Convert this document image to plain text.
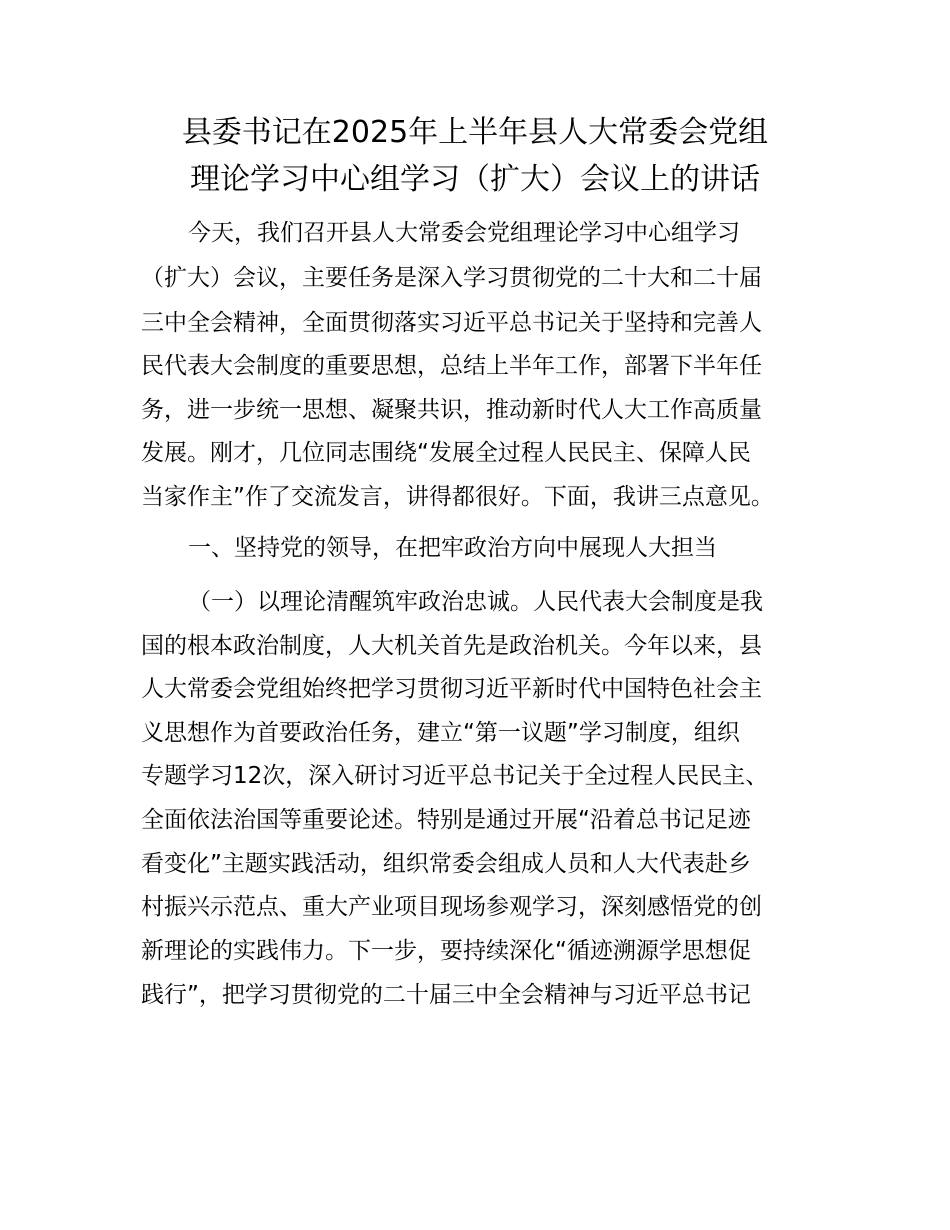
县委书记在2025年上半年县人大常委会党组
理论学习中心组学习（扩大）会议上的讲话
今天，我们召开县人大常委会党组理论学习中心组学习
（扩大）会议，主要任务是深入学习贯彻党的二十大和二十届
三中全会精神，全面贯彻落实习近平总书记关于坚持和完善人
民代表大会制度的重要思想，总结上半年工作，部署下半年任
务，进一步统一思想、凝聚共识，推动新时代人大工作高质量
发展。刚才，几位同志围绕“发展全过程人民民主、保障人民
当家作主”作了交流发言，讲得都很好。下面，我讲三点意见。
一、坚持党的领导，在把牢政治方向中展现人大担当
（一）以理论清醒筑牢政治忠诚。人民代表大会制度是我
国的根本政治制度，人大机关首先是政治机关。今年以来，县
人大常委会党组始终把学习贯彻习近平新时代中国特色社会主
义思想作为首要政治任务，建立“第一议题”学习制度，组织
专题学习12次，深入研讨习近平总书记关于全过程人民民主、
全面依法治国等重要论述。特别是通过开展“沿着总书记足迹
看变化”主题实践活动，组织常委会组成人员和人大代表赴乡
村振兴示范点、重大产业项目现场参观学习，深刻感悟党的创
新理论的实践伟力。下一步，要持续深化“循迹溯源学思想促
践行”，把学习贯彻党的二十届三中全会精神与习近平总书记
